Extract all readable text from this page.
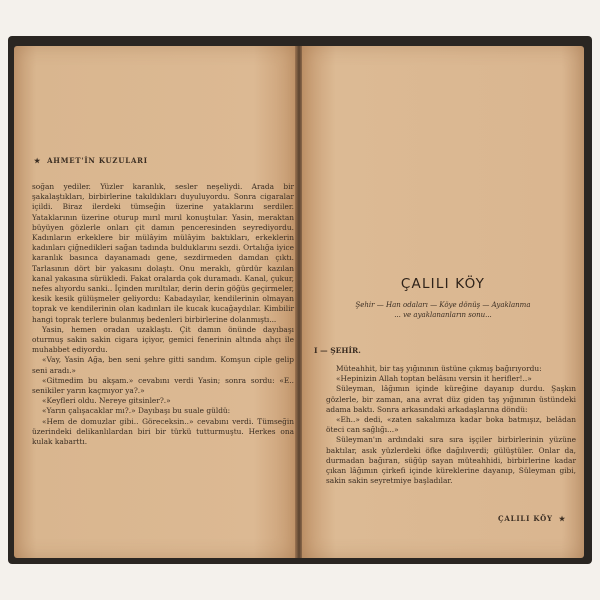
★ AHMET'İN KUZULARI

soğan yediler. Yüzler karanlık, sesler neşeliydi. Arada bir şakalaştıkları, birbirlerine takıldıkları duyuluyordu. Sonra cigaralar içildi. Biraz ilerdeki tümseğin üzerine yataklarını serdiler. Yataklarının üzerine oturup mırıl mırıl konuştular. Yasin, meraktan büyüyen gözlerle onları çit damın penceresinden seyrediyordu. Kadınların erkeklere bir mülâyim mülâyim baktıkları, erkeklerin kadınları çiğnedikleri sağan tadında bulduklarını sezdi. Ortalığa iyice karanlık basınca dayanamadı gene, sezdirmeden damdan çıktı. Tarlasının dört bir yakasını dolaştı. Onu meraklı, gürdür kazılan kanal yakasına sürükledi. Fakat oralarda çok duramadı. Kanal, çukur, nefes alıyordu sanki.. İçinden mırıltılar, derin derin göğüs geçirmeler, kesik kesik gülüşmeler geliyordu: Kabadayılar, kendilerinin olmayan toprak ve kendilerinin olan kadınları ile kucak kucağaydılar. Kimbilir hangi toprak terlere bulanmış bedenleri birbirlerine dolanmıştı...

Yasin, hemen oradan uzaklaştı. Çit damın önünde dayıbaşı oturmuş sakin sakin cigara içiyor, gemici fenerinin altında ahçı ile muhabbet ediyordu.

«Vay, Yasin Ağa, ben seni şehre gitti sandım. Komşun ciple gelip seni aradı.»

«Gitmedim bu akşam.» cevabını verdi Yasin; sonra sordu: «E.. senikiler yarın kaçmıyor ya?.»

«Keyfleri oldu. Nereye gitsinler?.»

«Yarın çalışacaklar mı?.» Dayıbaşı bu suale güldü:

«Hem de domuzlar gibi.. Göreceksin..» cevabını verdi. Tümseğin üzerindeki delikanlılardan biri bir türkü tutturmuştu. Herkes ona kulak kabarttı.

ÇALILI KÖY
Şehir — Han odaları — Köye dönüş — Ayaklanma
... ve ayaklananların sonu...
I — ŞEHİR.

Müteahhit, bir taş yığınının üstüne çıkmış bağırıyordu:

«Hepinizin Allah toptan belâsını versin it herifler!..»

Süleyman, lâğımın içinde küreğine dayanıp durdu. Şaşkın gözlerle, bir zaman, ana avrat düz giden taş yığınının üstündeki adama baktı. Sonra arkasındaki arkadaşlarına döndü:

«Eh..» dedi, «zaten sakalımıza kadar boka batmışız, belâdan öteci can sağlığı...»

Süleyman'ın ardındaki sıra sıra işçiler birbirlerinin yüzüne baktılar, asık yüzlerdeki öfke dağılıverdi; gülüştüler. Onlar da, durmadan bağıran, süğüp sayan müteahhidi, birbirlerine kadar çıkan lâğımın çirkefi içinde küreklerine dayanıp, Süleyman gibi, sakin sakin seyretmiye başladılar.

ÇALILI KÖY ★
